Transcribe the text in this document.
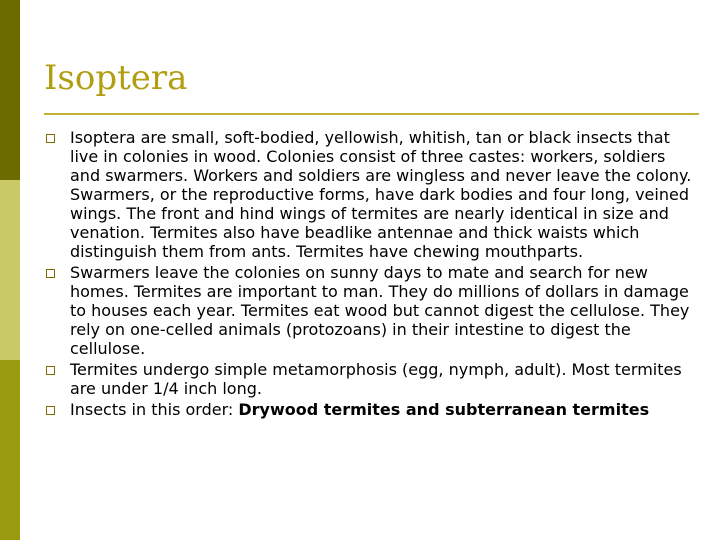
Isoptera
Isoptera are small, soft-bodied, yellowish, whitish, tan or black insects that live in colonies in wood. Colonies consist of three castes: workers, soldiers and swarmers. Workers and soldiers are wingless and never leave the colony. Swarmers, or the reproductive forms, have dark bodies and four long, veined wings. The front and hind wings of termites are nearly identical in size and venation. Termites also have beadlike antennae and thick waists which distinguish them from ants. Termites have chewing mouthparts.
Swarmers leave the colonies on sunny days to mate and search for new homes. Termites are important to man. They do millions of dollars in damage to houses each year. Termites eat wood but cannot digest the cellulose. They rely on one-celled animals (protozoans) in their intestine to digest the cellulose.
Termites undergo simple metamorphosis (egg, nymph, adult). Most termites are under 1/4 inch long.
Insects in this order: Drywood termites and subterranean termites
